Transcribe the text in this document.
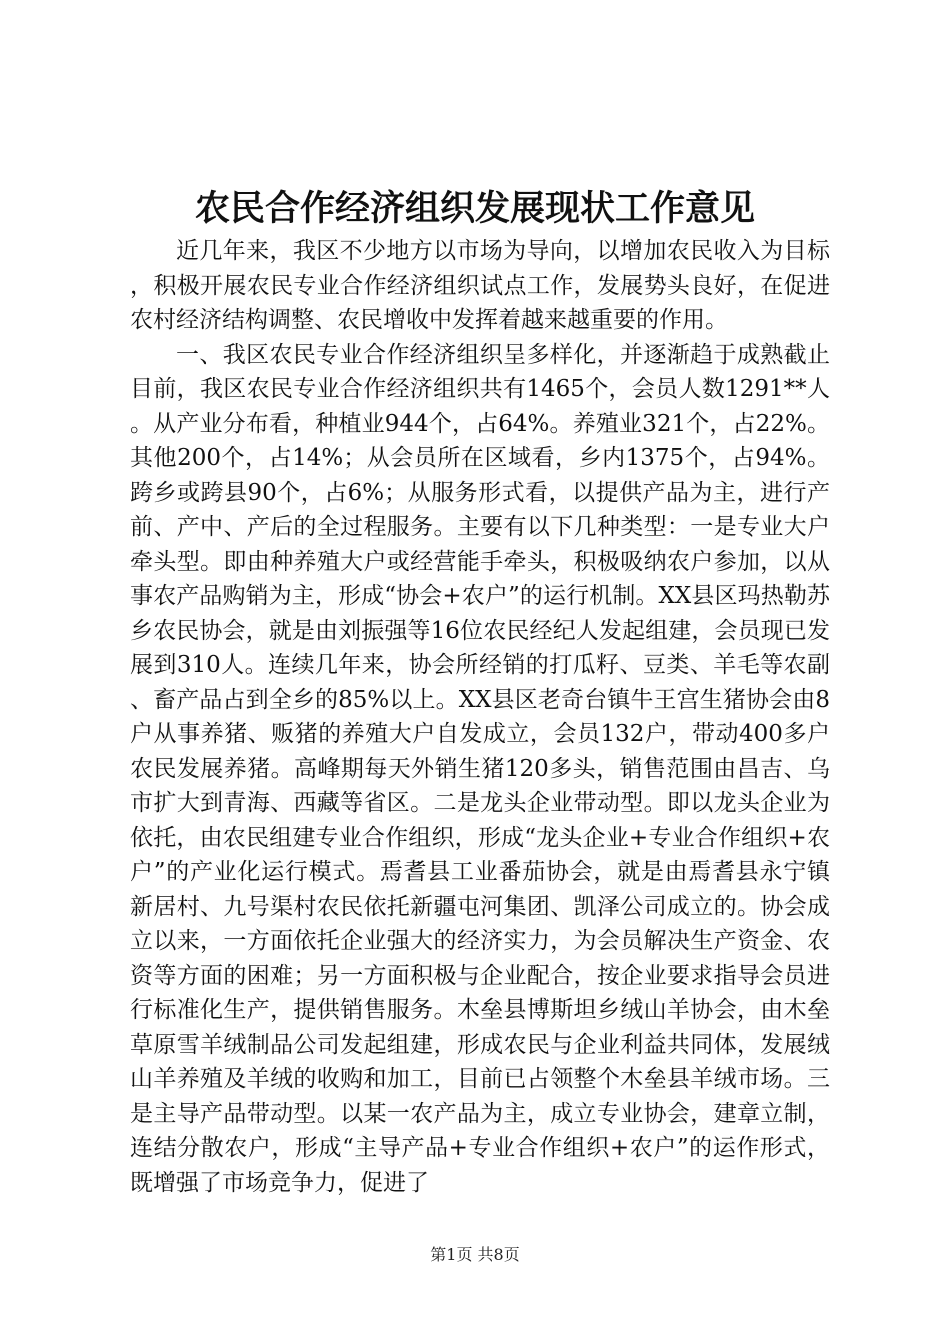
农民合作经济组织发展现状工作意见

近几年来，我区不少地方以市场为导向，以增加农民收入为目标，积极开展农民专业合作经济组织试点工作，发展势头良好，在促进农村经济结构调整、农民增收中发挥着越来越重要的作用。

一、我区农民专业合作经济组织呈多样化，并逐渐趋于成熟截止目前，我区农民专业合作经济组织共有1465个，会员人数1291**人。从产业分布看，种植业944个，占64%。养殖业321个，占22%。其他200个，占14%；从会员所在区域看，乡内1375个，占94%。跨乡或跨县90个，占6%；从服务形式看，以提供产品为主，进行产前、产中、产后的全过程服务。主要有以下几种类型：一是专业大户牵头型。即由种养殖大户或经营能手牵头，积极吸纳农户参加，以从事农产品购销为主，形成“协会+农户”的运行机制。XX县区玛热勒苏乡农民协会，就是由刘振强等16位农民经纪人发起组建，会员现已发展到310人。连续几年来，协会所经销的打瓜籽、豆类、羊毛等农副、畜产品占到全乡的85%以上。XX县区老奇台镇牛王宫生猪协会由8户从事养猪、贩猪的养殖大户自发成立，会员132户，带动400多户农民发展养猪。高峰期每天外销生猪120多头，销售范围由昌吉、乌市扩大到青海、西藏等省区。二是龙头企业带动型。即以龙头企业为依托，由农民组建专业合作组织，形成“龙头企业+专业合作组织+农户”的产业化运行模式。焉耆县工业番茄协会，就是由焉耆县永宁镇新居村、九号渠村农民依托新疆屯河集团、凯泽公司成立的。协会成立以来，一方面依托企业强大的经济实力，为会员解决生产资金、农资等方面的困难；另一方面积极与企业配合，按企业要求指导会员进行标准化生产，提供销售服务。木垒县博斯坦乡绒山羊协会，由木垒草原雪羊绒制品公司发起组建，形成农民与企业利益共同体，发展绒山羊养殖及羊绒的收购和加工，目前已占领整个木垒县羊绒市场。三是主导产品带动型。以某一农产品为主，成立专业协会，建章立制，连结分散农户，形成“主导产品+专业合作组织+农户”的运作形式，既增强了市场竞争力，促进了

第1页 共8页
